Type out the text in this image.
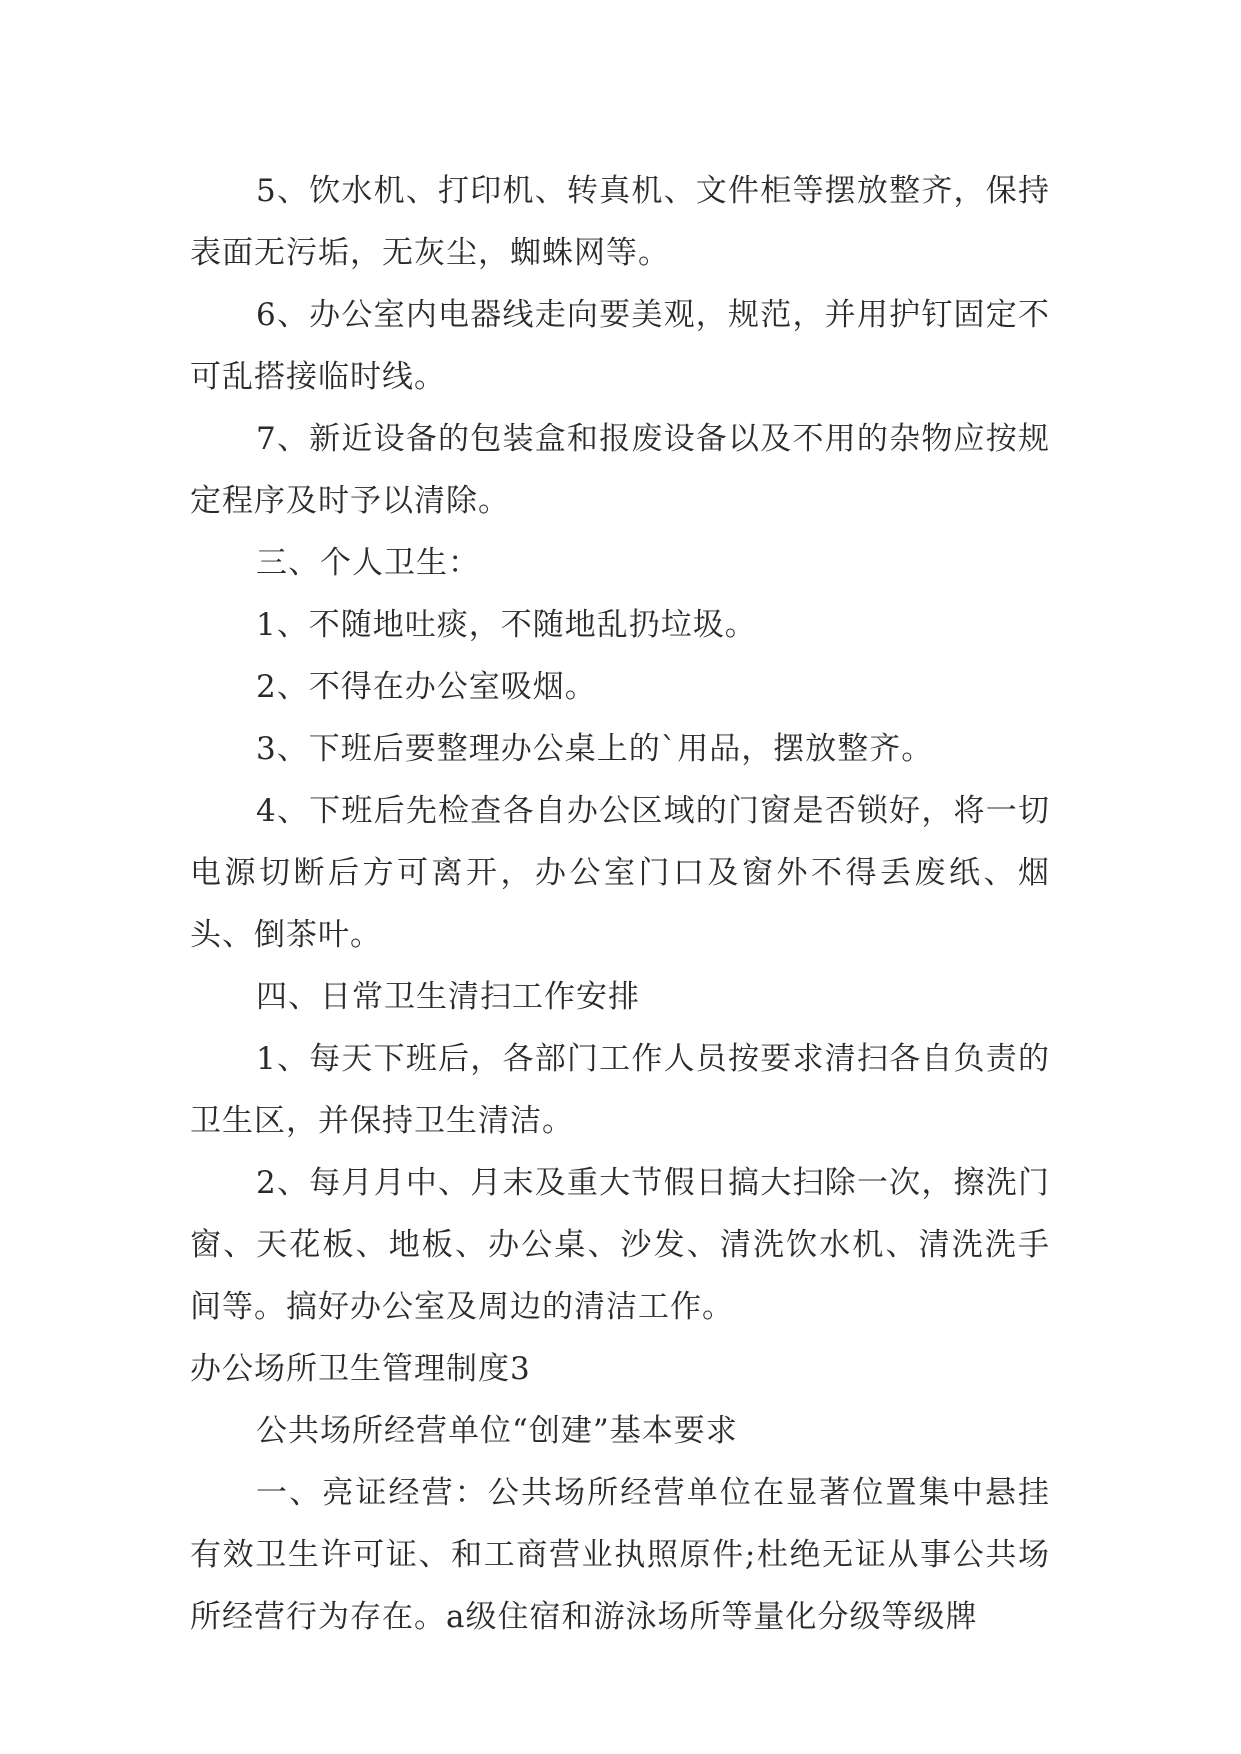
5、饮水机、打印机、转真机、文件柜等摆放整齐，保持表面无污垢，无灰尘，蜘蛛网等。

6、办公室内电器线走向要美观，规范，并用护钉固定不可乱搭接临时线。

7、新近设备的包装盒和报废设备以及不用的杂物应按规定程序及时予以清除。

三、个人卫生：

1、不随地吐痰，不随地乱扔垃圾。

2、不得在办公室吸烟。

3、下班后要整理办公桌上的`用品，摆放整齐。

4、下班后先检查各自办公区域的门窗是否锁好，将一切电源切断后方可离开，办公室门口及窗外不得丢废纸、烟头、倒茶叶。

四、日常卫生清扫工作安排

1、每天下班后，各部门工作人员按要求清扫各自负责的卫生区，并保持卫生清洁。

2、每月月中、月末及重大节假日搞大扫除一次，擦洗门窗、天花板、地板、办公桌、沙发、清洗饮水机、清洗洗手间等。搞好办公室及周边的清洁工作。

办公场所卫生管理制度3

公共场所经营单位“创建”基本要求

一、亮证经营：公共场所经营单位在显著位置集中悬挂有效卫生许可证、和工商营业执照原件;杜绝无证从事公共场所经营行为存在。a级住宿和游泳场所等量化分级等级牌
